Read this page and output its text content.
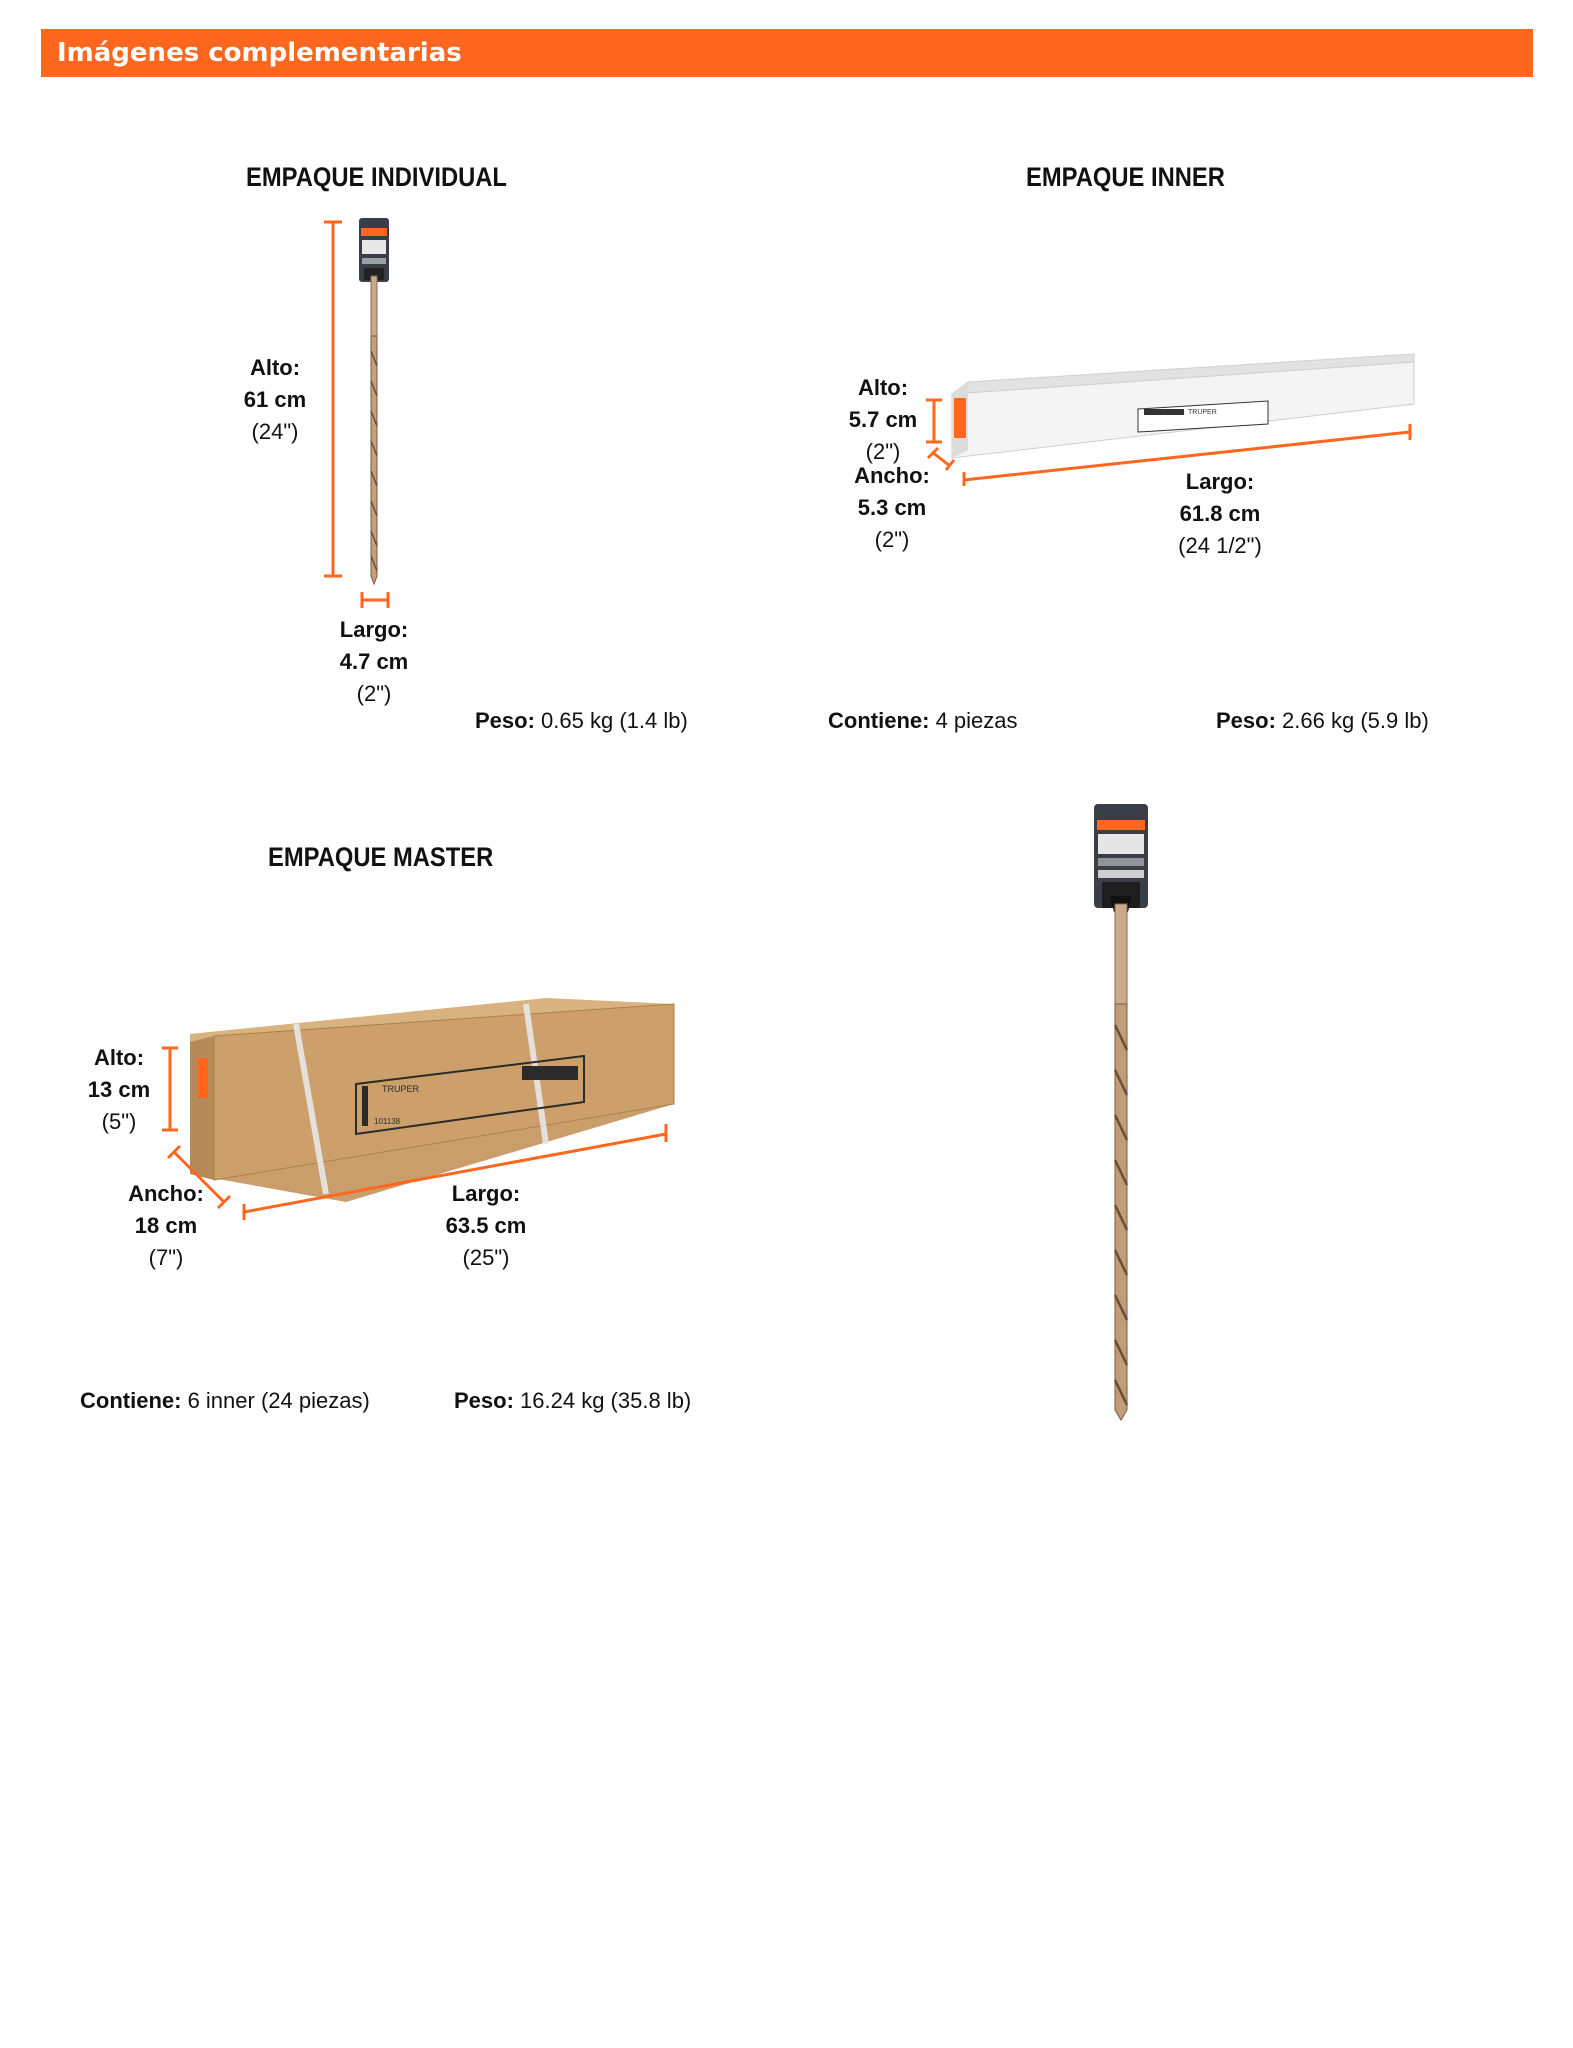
Imágenes complementarias
EMPAQUE INDIVIDUAL
Alto:
61 cm
(24")
Largo:
4.7 cm
(2")
Peso: 0.65 kg (1.4 lb)
EMPAQUE INNER
TRUPER
Alto:
5.7 cm
(2")
Ancho:
5.3 cm
(2")
Largo:
61.8 cm
(24 1/2")
Contiene: 4 piezas	Peso: 2.66 kg (5.9 lb)
EMPAQUE MASTER
TRUPER
101138
Alto:
13 cm
(5")
Ancho:
18 cm
(7")
Largo:
63.5 cm
(25")
Contiene: 6 inner (24 piezas)	Peso: 16.24 kg (35.8 lb)
